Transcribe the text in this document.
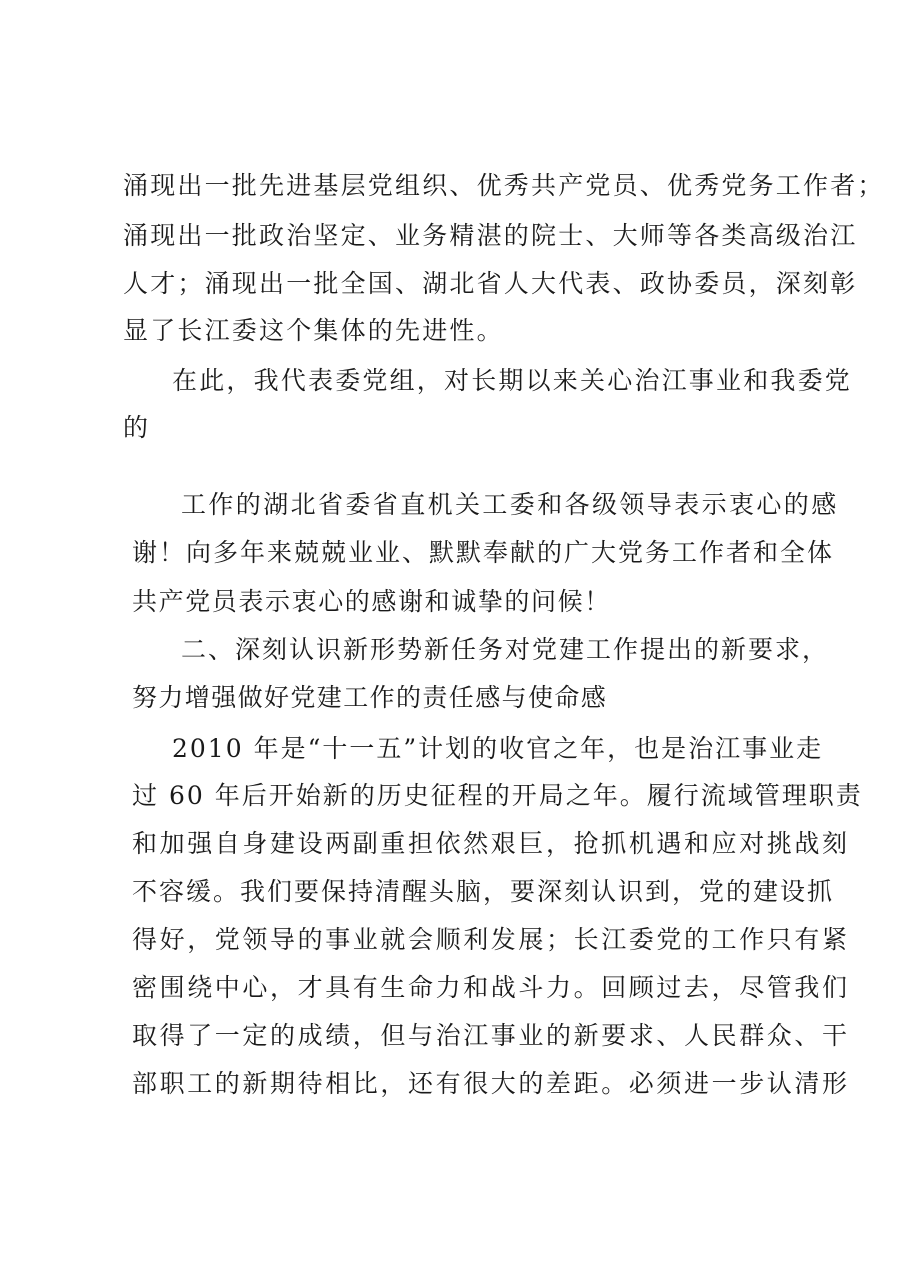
涌现出一批先进基层党组织、优秀共产党员、优秀党务工作者；
涌现出一批政治坚定、业务精湛的院士、大师等各类高级治江
人才；涌现出一批全国、湖北省人大代表、政协委员，深刻彰
显了长江委这个集体的先进性。
在此，我代表委党组，对长期以来关心治江事业和我委党
的
工作的湖北省委省直机关工委和各级领导表示衷心的感
谢！向多年来兢兢业业、默默奉献的广大党务工作者和全体
共产党员表示衷心的感谢和诚挚的问候！
二、深刻认识新形势新任务对党建工作提出的新要求，
努力增强做好党建工作的责任感与使命感
2010 年是“十一五”计划的收官之年，也是治江事业走
过 60 年后开始新的历史征程的开局之年。履行流域管理职责
和加强自身建设两副重担依然艰巨，抢抓机遇和应对挑战刻
不容缓。我们要保持清醒头脑，要深刻认识到，党的建设抓
得好，党领导的事业就会顺利发展；长江委党的工作只有紧
密围绕中心，才具有生命力和战斗力。回顾过去，尽管我们
取得了一定的成绩，但与治江事业的新要求、人民群众、干
部职工的新期待相比，还有很大的差距。必须进一步认清形
